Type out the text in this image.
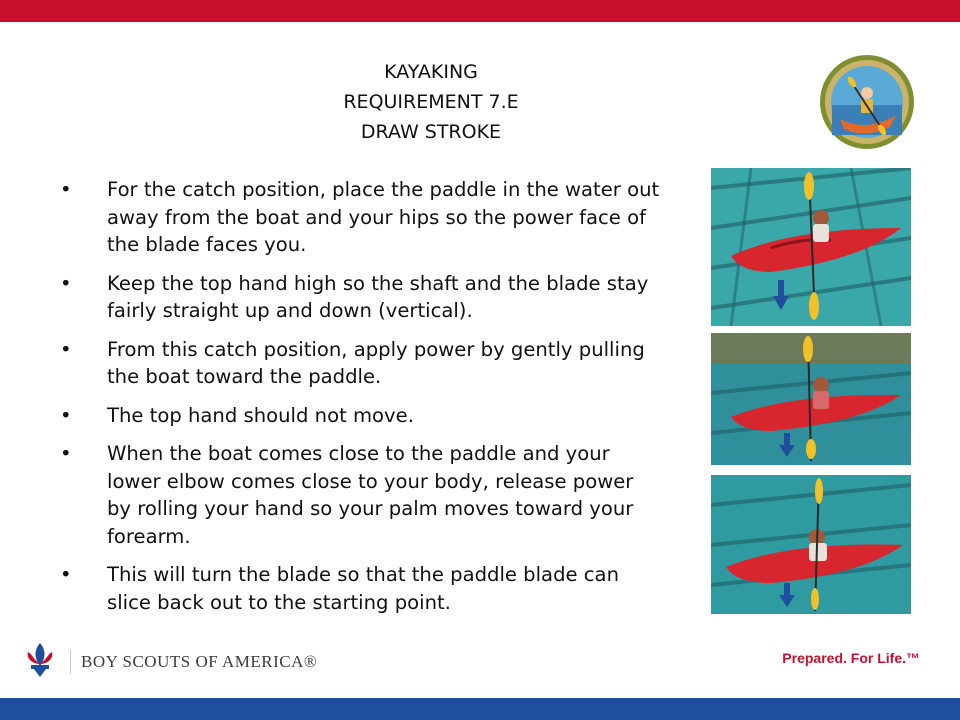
KAYAKING
REQUIREMENT 7.E
DRAW STROKE
•	For the catch position, place the paddle in the water out away from the boat and your hips so the power face of the blade faces you.
•	Keep the top hand high so the shaft and the blade stay fairly straight up and down (vertical).
•	From this catch position, apply power by gently pulling the boat toward the paddle.
•	The top hand should not move.
•	When the boat comes close to the paddle and your lower elbow comes close to your body, release power by rolling your hand so your palm moves toward your forearm.
•	This will turn the blade so that the paddle blade can slice back out to the starting point.
BOY SCOUTS OF AMERICA®	Prepared. For Life.™
